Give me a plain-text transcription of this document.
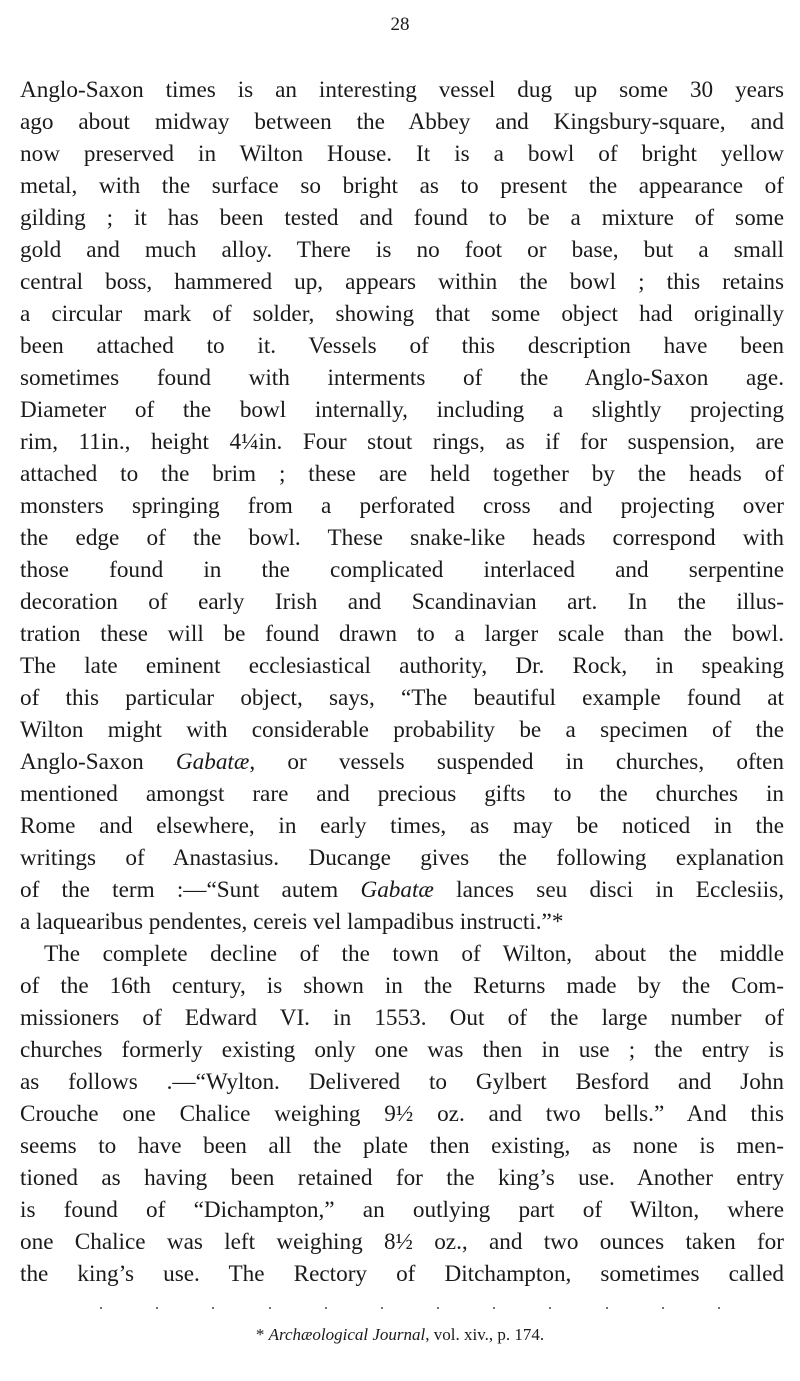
28
Anglo-Saxon times is an interesting vessel dug up some 30 years
ago about midway between the Abbey and Kingsbury-square, and
now preserved in Wilton House. It is a bowl of bright yellow
metal, with the surface so bright as to present the appearance of
gilding ; it has been tested and found to be a mixture of some
gold and much alloy. There is no foot or base, but a small
central boss, hammered up, appears within the bowl ; this retains
a circular mark of solder, showing that some object had originally
been attached to it. Vessels of this description have been
sometimes found with interments of the Anglo-Saxon age.
Diameter of the bowl internally, including a slightly projecting
rim, 11in., height 4¼in. Four stout rings, as if for suspension, are
attached to the brim ; these are held together by the heads of
monsters springing from a perforated cross and projecting over
the edge of the bowl. These snake-like heads correspond with
those found in the complicated interlaced and serpentine
decoration of early Irish and Scandinavian art. In the illus-
tration these will be found drawn to a larger scale than the bowl.
The late eminent ecclesiastical authority, Dr. Rock, in speaking
of this particular object, says, “The beautiful example found at
Wilton might with considerable probability be a specimen of the
Anglo-Saxon Gabatæ, or vessels suspended in churches, often
mentioned amongst rare and precious gifts to the churches in
Rome and elsewhere, in early times, as may be noticed in the
writings of Anastasius. Ducange gives the following explanation
of the term :—“Sunt autem Gabatæ lances seu disci in Ecclesiis,
a laquearibus pendentes, cereis vel lampadibus instructi.”*
The complete decline of the town of Wilton, about the middle
of the 16th century, is shown in the Returns made by the Com-
missioners of Edward VI. in 1553. Out of the large number of
churches formerly existing only one was then in use ; the entry is
as follows .—“Wylton. Delivered to Gylbert Besford and John
Crouche one Chalice weighing 9½ oz. and two bells.” And this
seems to have been all the plate then existing, as none is men-
tioned as having been retained for the king’s use. Another entry
is found of “Dichampton,” an outlying part of Wilton, where
one Chalice was left weighing 8½ oz., and two ounces taken for
the king’s use. The Rectory of Ditchampton, sometimes called
* Archæological Journal, vol. xiv., p. 174.
